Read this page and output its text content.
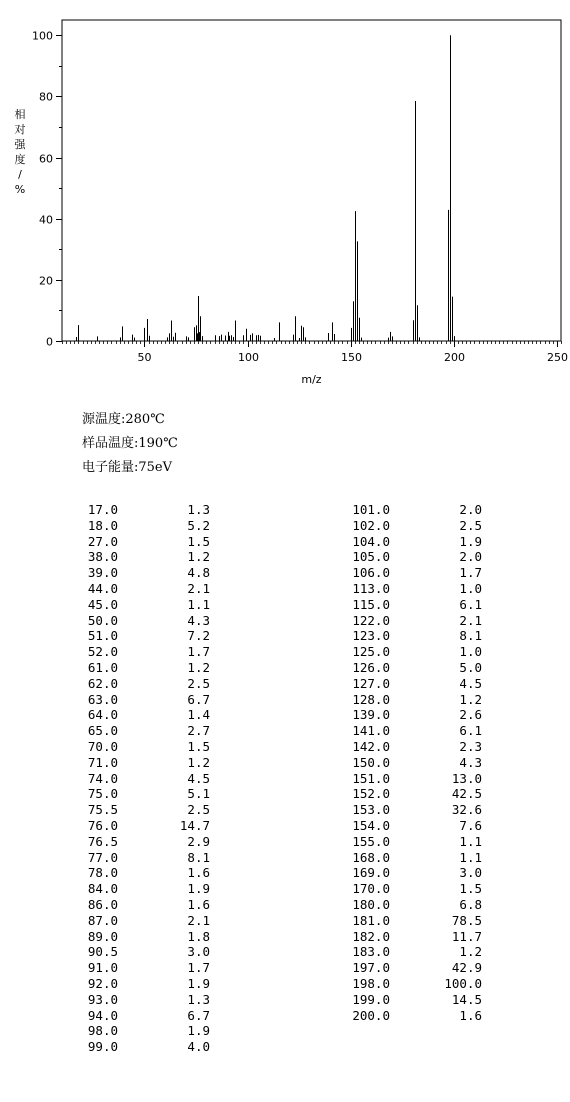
50	100	150	200	250
0
20
40
60
80
100
m/z
相对强度/ %
源温度:280℃
样品温度:190℃
电子能量:75eV
17.0	1.3
18.0	5.2
27.0	1.5
38.0	1.2
39.0	4.8
44.0	2.1
45.0	1.1
50.0	4.3
51.0	7.2
52.0	1.7
61.0	1.2
62.0	2.5
63.0	6.7
64.0	1.4
65.0	2.7
70.0	1.5
71.0	1.2
74.0	4.5
75.0	5.1
75.5	2.5
76.0	14.7
76.5	2.9
77.0	8.1
78.0	1.6
84.0	1.9
86.0	1.6
87.0	2.1
89.0	1.8
90.5	3.0
91.0	1.7
92.0	1.9
93.0	1.3
94.0	6.7
98.0	1.9
99.0	4.0
101.0	2.0
102.0	2.5
104.0	1.9
105.0	2.0
106.0	1.7
113.0	1.0
115.0	6.1
122.0	2.1
123.0	8.1
125.0	1.0
126.0	5.0
127.0	4.5
128.0	1.2
139.0	2.6
141.0	6.1
142.0	2.3
150.0	4.3
151.0	13.0
152.0	42.5
153.0	32.6
154.0	7.6
155.0	1.1
168.0	1.1
169.0	3.0
170.0	1.5
180.0	6.8
181.0	78.5
182.0	11.7
183.0	1.2
197.0	42.9
198.0	100.0
199.0	14.5
200.0	1.6
